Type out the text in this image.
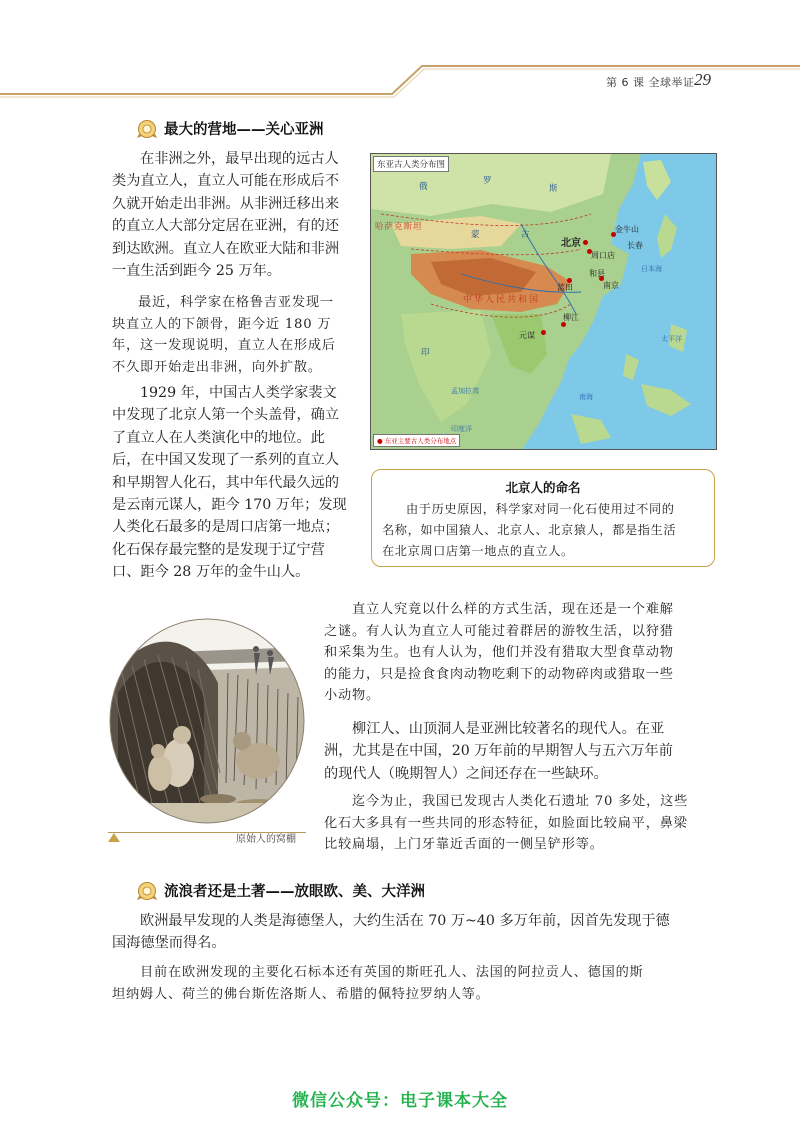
第 6 课 全球举证 29
最大的营地——关心亚洲
在非洲之外，最早出现的远古人
类为直立人，直立人可能在形成后不
久就开始走出非洲。从非洲迁移出来
的直立人大部分定居在亚洲，有的还
到达欧洲。直立人在欧亚大陆和非洲
一直生活到距今 25 万年。
最近，科学家在格鲁吉亚发现一
块直立人的下颌骨，距今近 180 万
年，这一发现说明，直立人在形成后
不久即开始走出非洲，向外扩散。
1929 年，中国古人类学家裴文
中发现了北京人第一个头盖骨，确立
了直立人在人类演化中的地位。此
后，在中国又发现了一系列的直立人
和早期智人化石，其中年代最久远的
是云南元谋人，距今 170 万年；发现
人类化石最多的是周口店第一地点；
化石保存最完整的是发现于辽宁营
口、距今 28 万年的金牛山人。
东亚古人类分布图
俄
罗
斯
哈萨克斯坦
蒙	古
中华人民共和国
印
日本海
太平洋
南海
印度洋
孟加拉湾
北京
周口店
金牛山
长春
蓝田
和县
南京
元谋
柳江
● 东亚主要古人类分布地点
北京人的命名
由于历史原因，科学家对同一化石使用过不同的
名称，如中国猿人、北京人、北京猿人，都是指生活
在北京周口店第一地点的直立人。
原始人的窝棚
直立人究竟以什么样的方式生活，现在还是一个难解
之谜。有人认为直立人可能过着群居的游牧生活，以狩猎
和采集为生。也有人认为，他们并没有猎取大型食草动物
的能力，只是捡食食肉动物吃剩下的动物碎肉或猎取一些
小动物。
柳江人、山顶洞人是亚洲比较著名的现代人。在亚
洲，尤其是在中国，20 万年前的早期智人与五六万年前
的现代人（晚期智人）之间还存在一些缺环。
迄今为止，我国已发现古人类化石遗址 70 多处，这些
化石大多具有一些共同的形态特征，如脸面比较扁平，鼻梁
比较扁塌，上门牙靠近舌面的一侧呈铲形等。
流浪者还是土著——放眼欧、美、大洋洲
欧洲最早发现的人类是海德堡人，大约生活在 70 万~40 多万年前，因首先发现于德
国海德堡而得名。
目前在欧洲发现的主要化石标本还有英国的斯旺孔人、法国的阿拉贡人、德国的斯
坦纳姆人、荷兰的佛台斯佐洛斯人、希腊的佩特拉罗纳人等。
微信公众号：电子课本大全
